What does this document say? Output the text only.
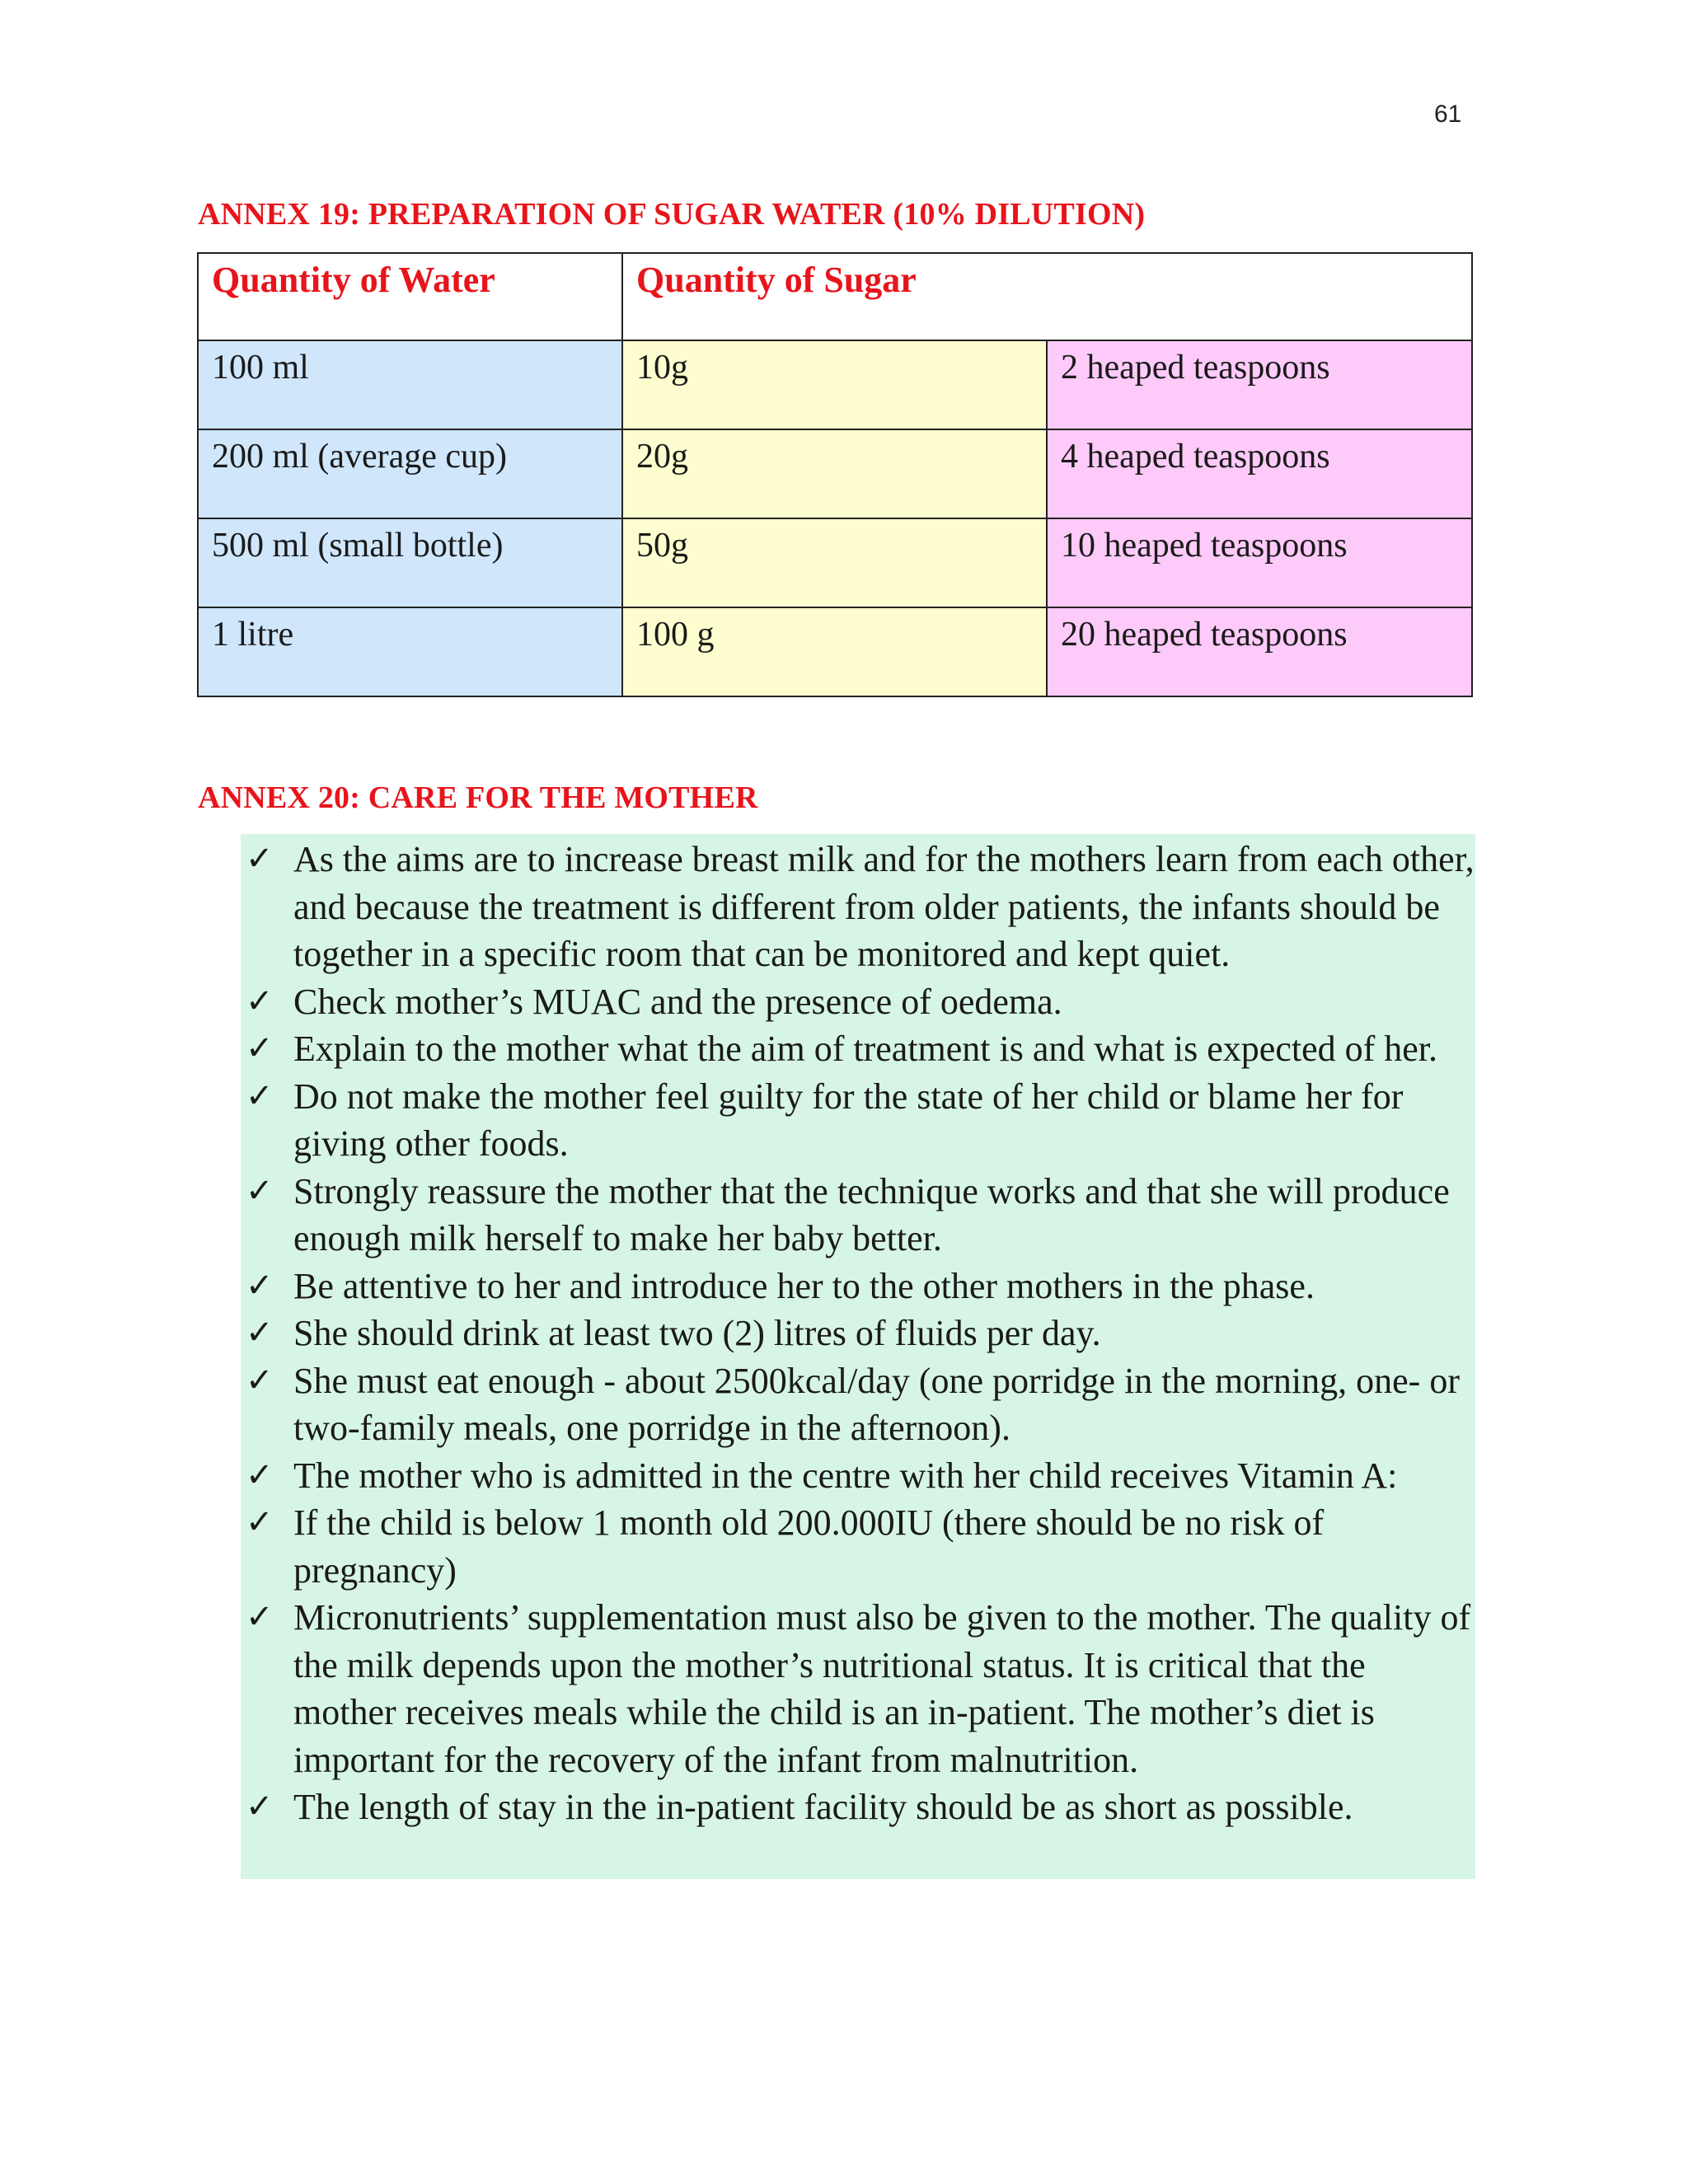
61
ANNEX 19: PREPARATION OF SUGAR WATER (10% DILUTION)
Quantity of Water	Quantity of Sugar	
100 ml	10g	2 heaped teaspoons
200 ml (average cup)	20g	4 heaped teaspoons
500 ml (small bottle)	50g	10 heaped teaspoons
1 litre	100 g	20 heaped teaspoons
ANNEX 20: CARE FOR THE MOTHER
✓ As the aims are to increase breast milk and for the mothers learn from each other, and because the treatment is different from older patients, the infants should be together in a specific room that can be monitored and kept quiet.
✓ Check mother’s MUAC and the presence of oedema.
✓ Explain to the mother what the aim of treatment is and what is expected of her.
✓ Do not make the mother feel guilty for the state of her child or blame her for giving other foods.
✓ Strongly reassure the mother that the technique works and that she will produce enough milk herself to make her baby better.
✓ Be attentive to her and introduce her to the other mothers in the phase.
✓ She should drink at least two (2) litres of fluids per day.
✓ She must eat enough - about 2500kcal/day (one porridge in the morning, one- or two-family meals, one porridge in the afternoon).
✓ The mother who is admitted in the centre with her child receives Vitamin A:
✓ If the child is below 1 month old 200.000IU (there should be no risk of pregnancy)
✓ Micronutrients’ supplementation must also be given to the mother. The quality of the milk depends upon the mother’s nutritional status. It is critical that the mother receives meals while the child is an in-patient. The mother’s diet is important for the recovery of the infant from malnutrition.
✓ The length of stay in the in-patient facility should be as short as possible.
